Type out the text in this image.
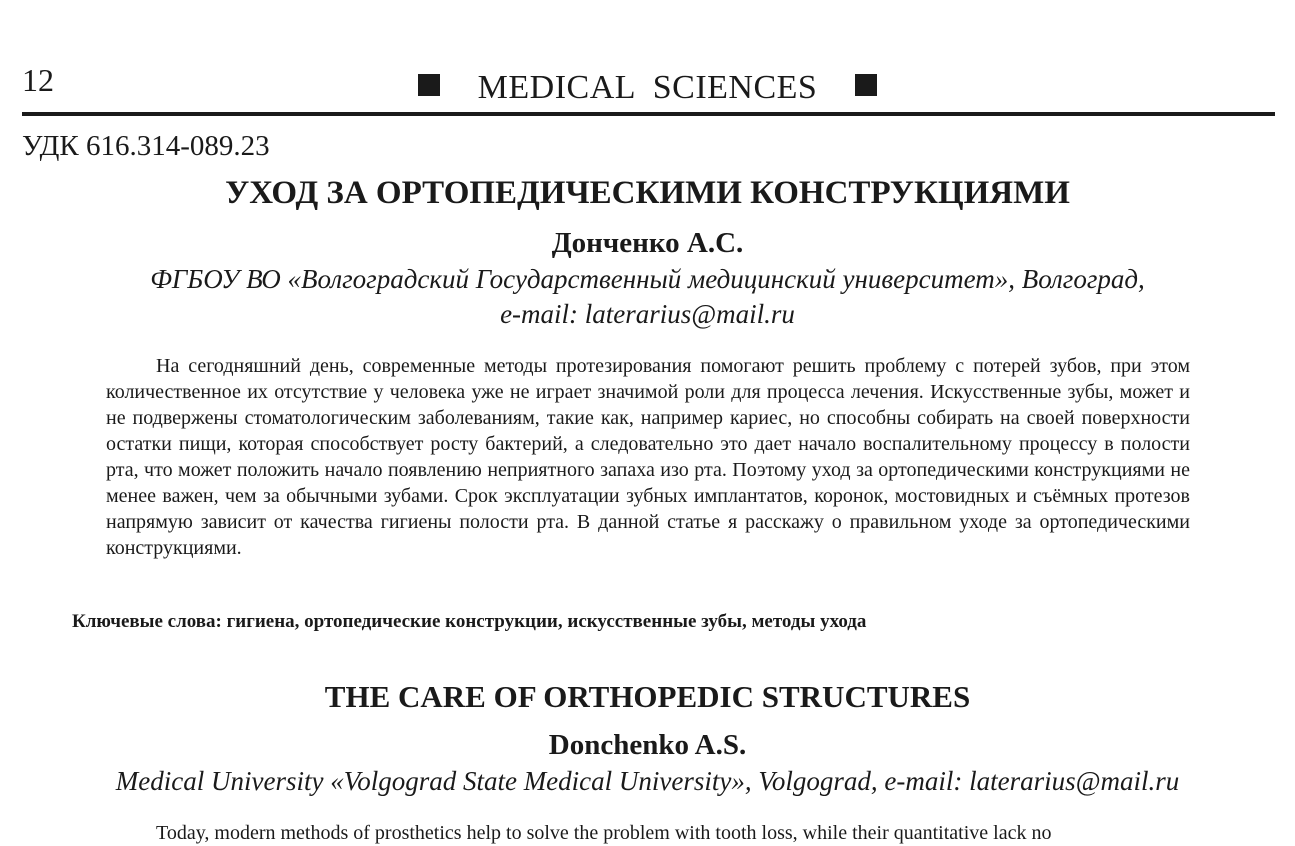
12	MEDICAL  SCIENCES
УДК 616.314-089.23
УХОД ЗА ОРТОПЕДИЧЕСКИМИ КОНСТРУКЦИЯМИ
Донченко А.С.
ФГБОУ ВО «Волгоградский Государственный медицинский университет», Волгоград,
e-mail: laterarius@mail.ru

На сегодняшний день, современные методы протезирования помогают решить проблему с потерей зубов, при этом количественное их отсутствие у человека уже не играет значимой роли для процесса лечения. Искусственные зубы, может и не подвержены стоматологическим заболеваниям, такие как, например кариес, но способны собирать на своей поверхности остатки пищи, которая способствует росту бактерий, а следовательно это дает начало воспалительному процессу в полости рта, что может положить начало появлению неприятного запаха изо рта. Поэтому уход за ортопедическими конструкциями не менее важен, чем за обычными зубами. Срок эксплуатации зубных имплантатов, коронок, мостовидных и съёмных протезов напрямую зависит от качества гигиены полости рта. В данной статье я расскажу о правильном уходе за ортопедическими конструкциями.

Ключевые слова: гигиена, ортопедические конструкции, искусственные зубы, методы ухода
THE CARE OF ORTHOPEDIC STRUCTURES
Donchenko A.S.
Medical University «Volgograd State Medical University», Volgograd, e-mail: laterarius@mail.ru
Today, modern methods of prosthetics help to solve the problem with tooth loss, while their quantitative lack no
